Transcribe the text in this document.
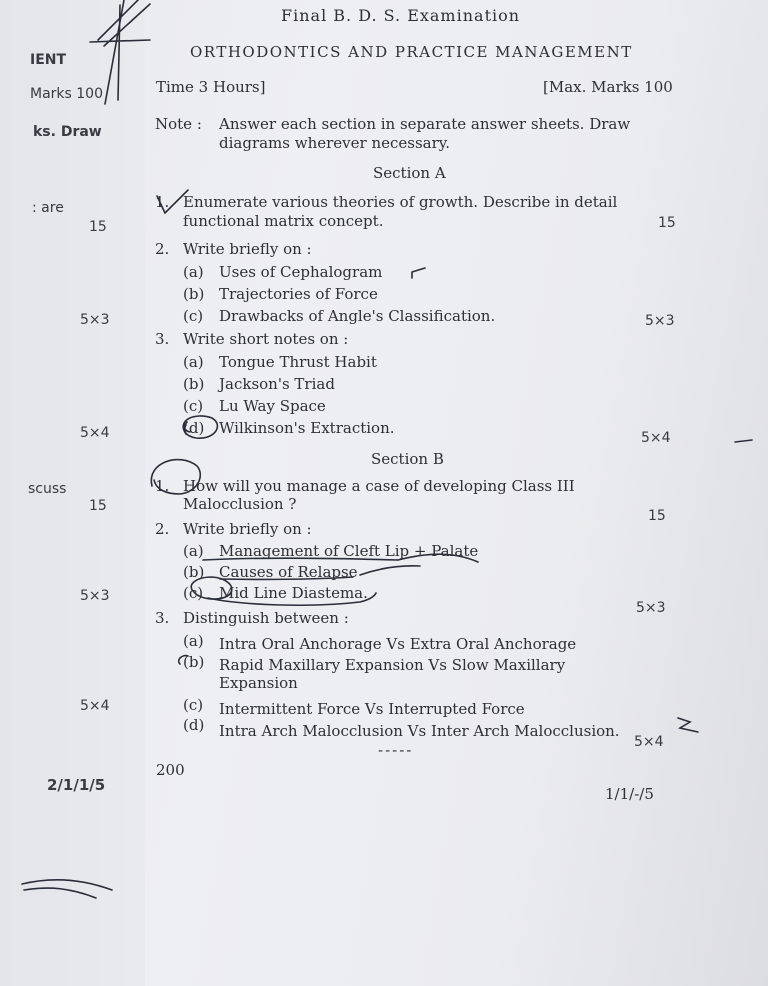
IENT
Marks 100
ks. Draw
: are
scuss
15
5×3
5×4
15
5×3
5×4
2/1/1/5
Final B. D. S. Examination
ORTHODONTICS AND PRACTICE MANAGEMENT
Time 3 Hours]	[Max. Marks 100
Note : Answer each section in separate answer sheets. Draw
diagrams wherever necessary.
Section A
1. Enumerate various theories of growth. Describe in detail
functional matrix concept.	15
2. Write briefly on :
(a) Uses of Cephalogram
(b) Trajectories of Force
(c) Drawbacks of Angle's Classification.	5×3
3. Write short notes on :
(a) Tongue Thrust Habit
(b) Jackson's Triad
(c) Lu Way Space
(d) Wilkinson's Extraction.
5×4
Section B
1. How will you manage a case of developing Class III
Malocclusion ?
15
2. Write briefly on :
(a) Management of Cleft Lip + Palate
(b) Causes of Relapse
(c) Mid Line Diastema.
5×3
3. Distinguish between :
(a) Intra Oral Anchorage Vs Extra Oral Anchorage
(b) Rapid Maxillary Expansion Vs Slow Maxillary
Expansion
(c) Intermittent Force Vs Interrupted Force
(d) Intra Arch Malocclusion Vs Inter Arch Malocclusion.
5×4
-----
200
1/1/-/5
